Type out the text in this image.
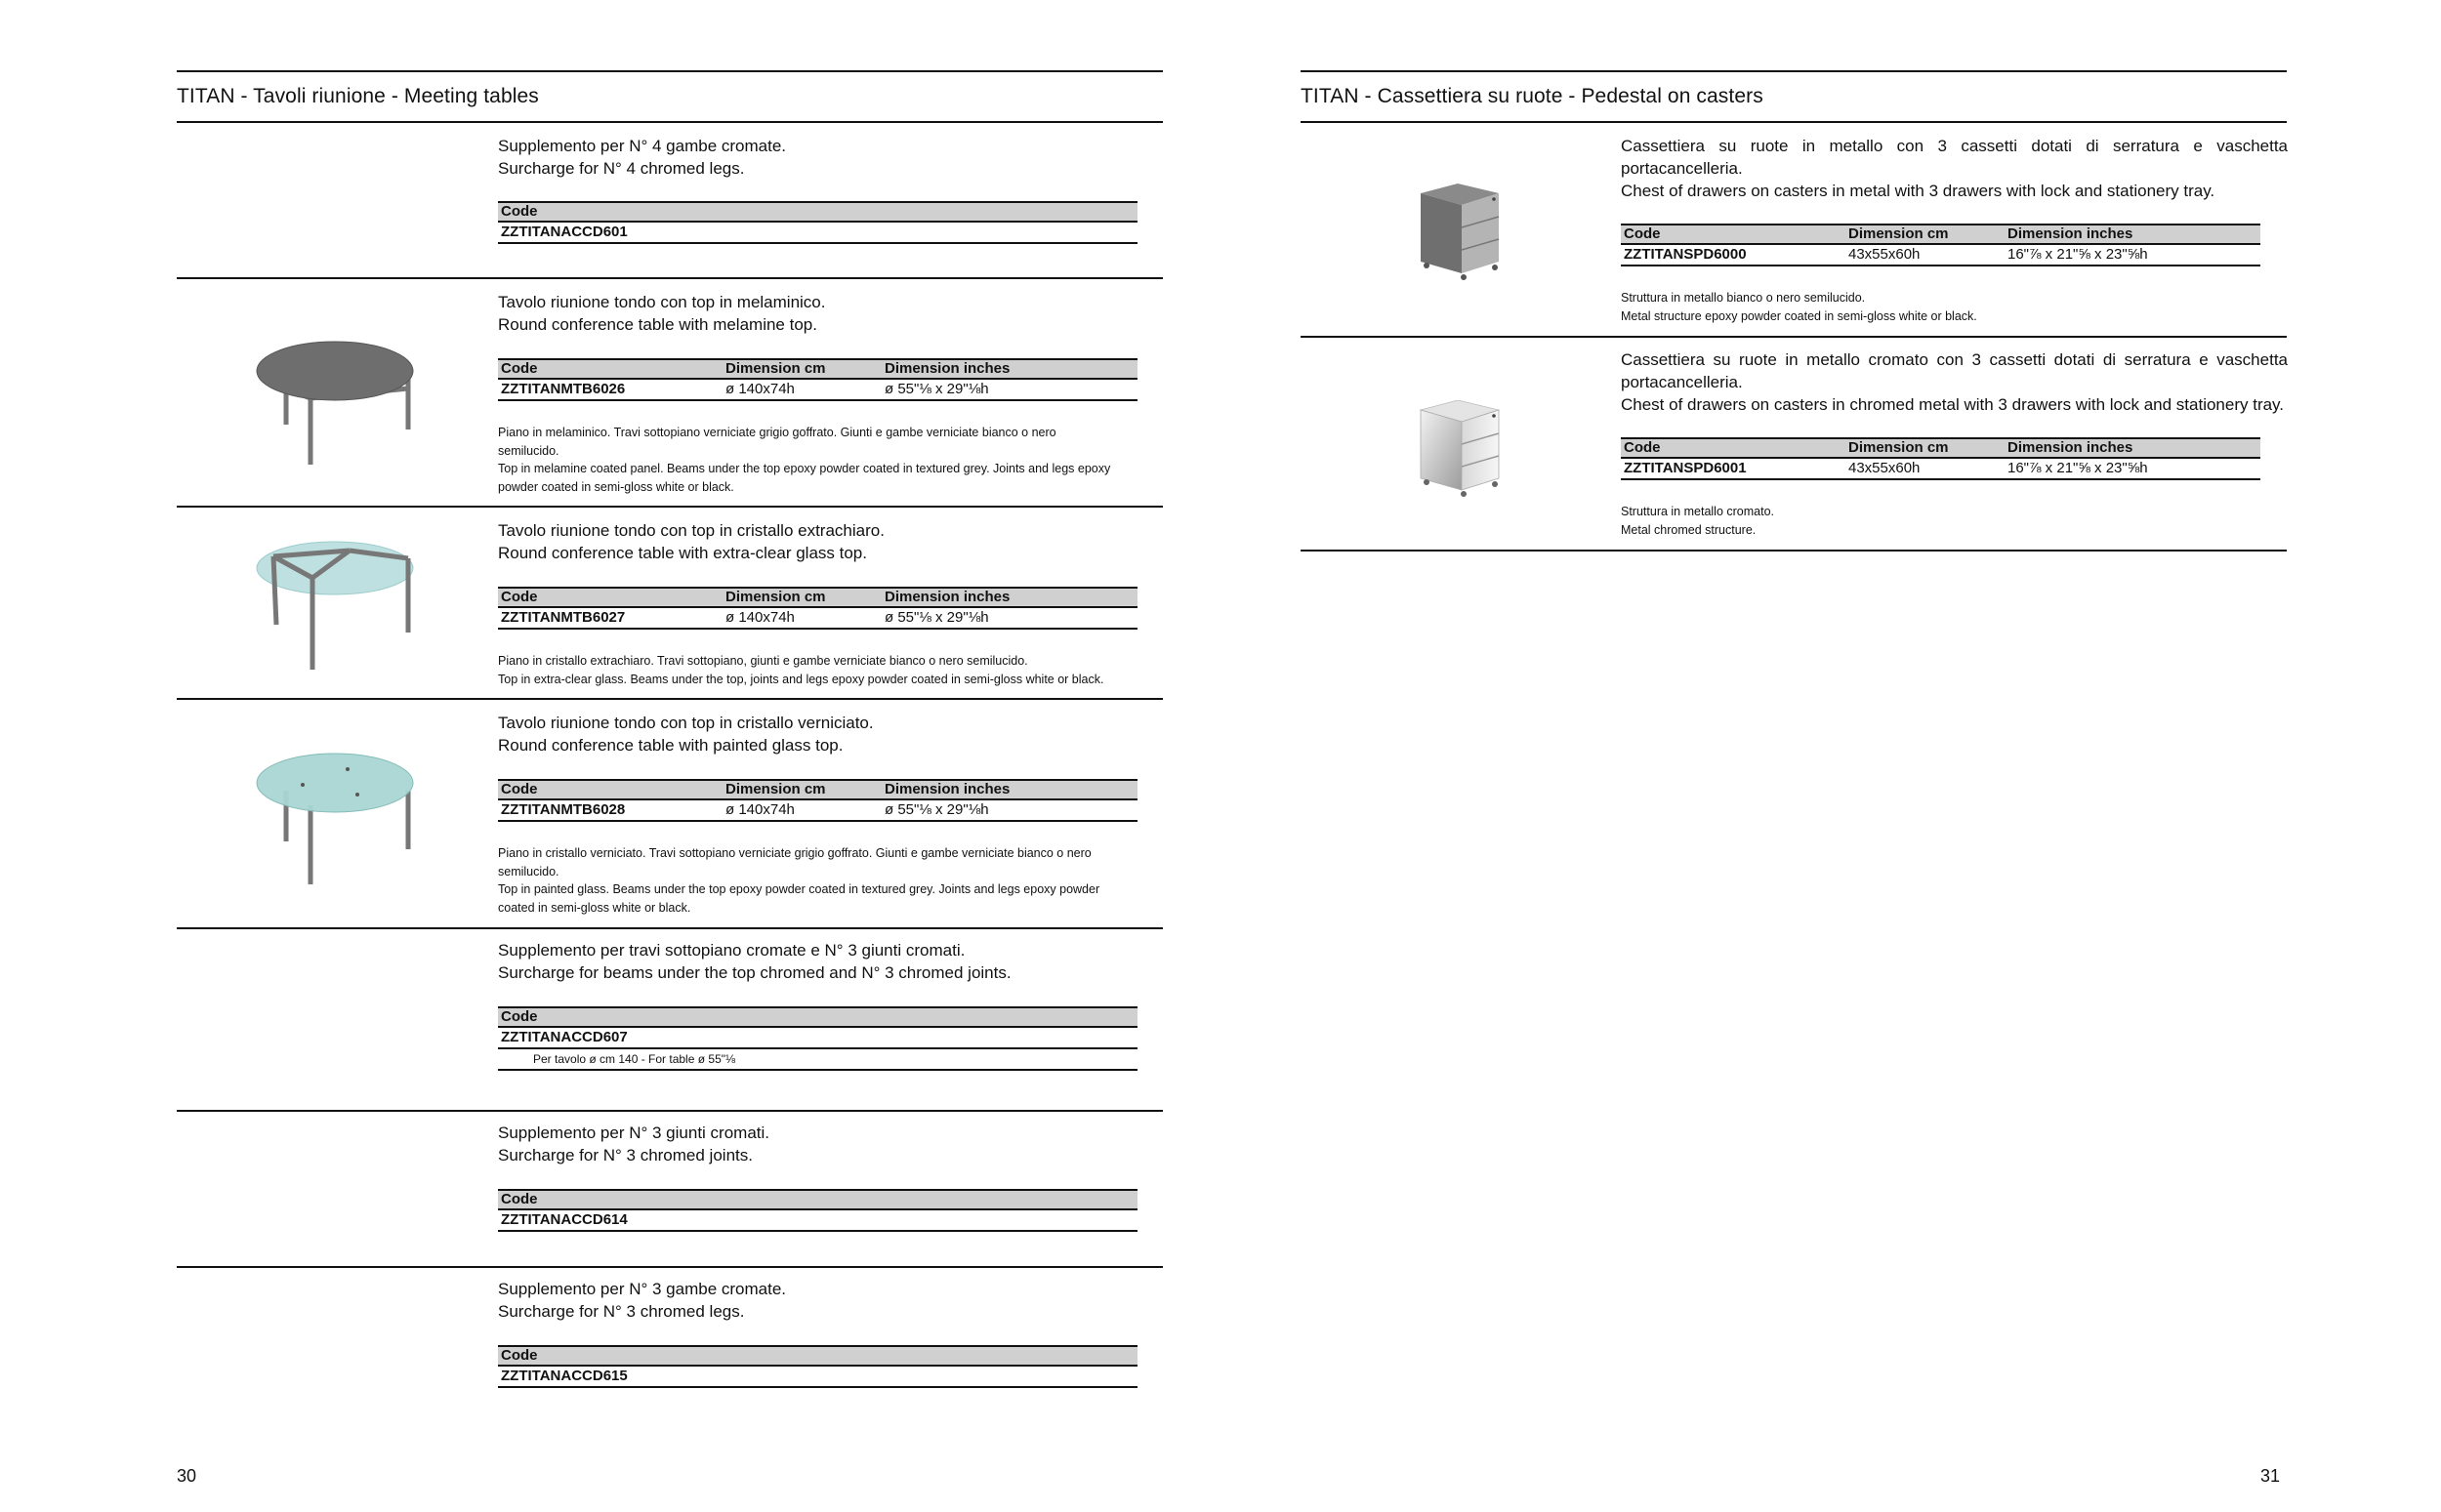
TITAN - Tavoli riunione - Meeting tables
Supplemento per N° 4 gambe cromate.
Surcharge for N° 4 chromed legs.
Code
ZZTITANACCD601
Tavolo riunione tondo con top in melaminico.
Round conference table with melamine top.
Code	Dimension cm	Dimension inches
ZZTITANMTB6026	ø 140x74h	ø 55"⅛ x 29"⅛h
Piano in melaminico. Travi sottopiano verniciate grigio goffrato. Giunti e gambe verniciate bianco o nero
semilucido.
Top in melamine coated panel. Beams under the top epoxy powder coated in textured grey. Joints and legs epoxy
powder coated in semi-gloss white or black.
Tavolo riunione tondo con top in cristallo extrachiaro.
Round conference table with extra-clear glass top.
Code	Dimension cm	Dimension inches
ZZTITANMTB6027	ø 140x74h	ø 55"⅛ x 29"⅛h
Piano in cristallo extrachiaro. Travi sottopiano, giunti e gambe verniciate bianco o nero semilucido.
Top in extra-clear glass. Beams under the top, joints and legs epoxy powder coated in semi-gloss white or black.
Tavolo riunione tondo con top in cristallo verniciato.
Round conference table with painted glass top.
Code	Dimension cm	Dimension inches
ZZTITANMTB6028	ø 140x74h	ø 55"⅛ x 29"⅛h
Piano in cristallo verniciato. Travi sottopiano verniciate grigio goffrato. Giunti e gambe verniciate bianco o nero
semilucido.
Top in painted glass. Beams under the top epoxy powder coated in textured grey. Joints and legs epoxy powder
coated in semi-gloss white or black.
Supplemento per travi sottopiano cromate e N° 3 giunti cromati.
Surcharge for beams under the top chromed and N° 3 chromed joints.
Code
ZZTITANACCD607
Per tavolo ø cm 140 - For table ø 55"⅛
Supplemento per N° 3 giunti cromati.
Surcharge for N° 3 chromed joints.
Code
ZZTITANACCD614
Supplemento per N° 3 gambe cromate.
Surcharge for N° 3 chromed legs.
Code
ZZTITANACCD615
30
TITAN - Cassettiera su ruote - Pedestal on casters
Cassettiera su ruote in metallo con 3 cassetti dotati di serratura e vaschetta
portacancelleria.
Chest of drawers on casters in metal with 3 drawers with lock and stationery tray.
Code	Dimension cm	Dimension inches
ZZTITANSPD6000	43x55x60h	16"⅞ x 21"⅝ x 23"⅝h
Struttura in metallo bianco o nero semilucido.
Metal structure epoxy powder coated in semi-gloss white or black.
Cassettiera su ruote in metallo cromato con 3 cassetti dotati di serratura e vaschetta
portacancelleria.
Chest of drawers on casters in chromed metal with 3 drawers with lock and stationery tray.
Code	Dimension cm	Dimension inches
ZZTITANSPD6001	43x55x60h	16"⅞ x 21"⅝ x 23"⅝h
Struttura in metallo cromato.
Metal chromed structure.
31
